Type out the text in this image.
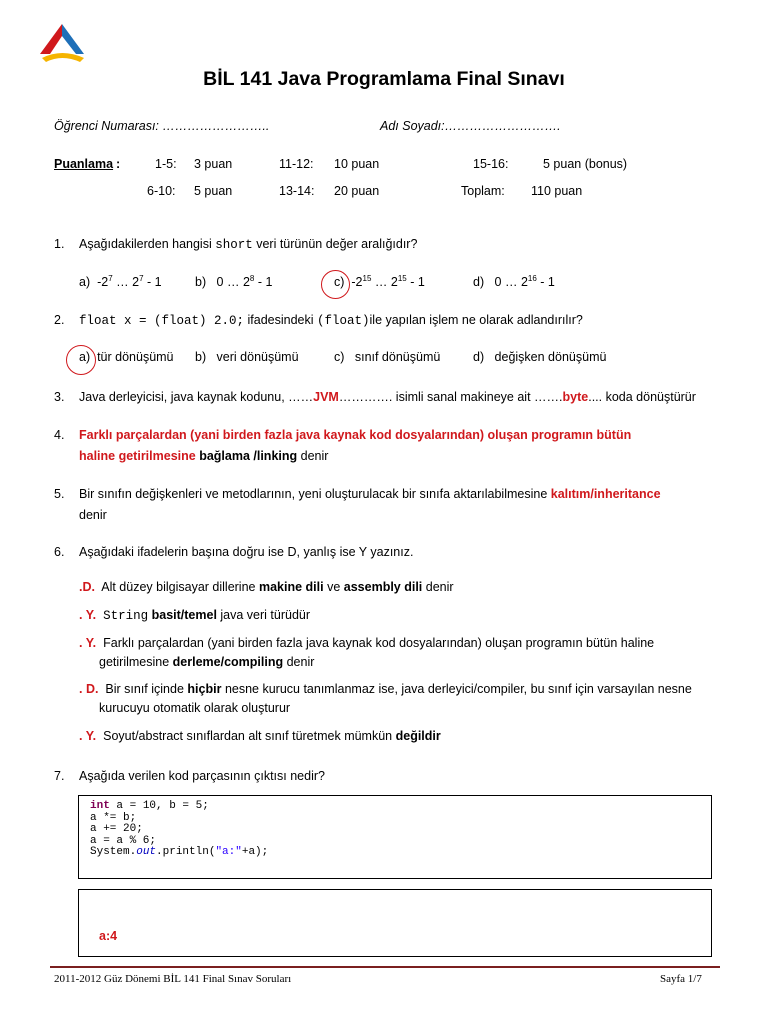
BİL 141 Java Programlama Final Sınavı
Öğrenci Numarası: ……………………..	Adı Soyadı:……………………….
Puanlama :	1-5: 3 puan	11-12: 10 puan	15-16:	5 puan (bonus)
6-10: 5 puan	13-14: 20 puan	Toplam: 110 puan
1. Aşağıdakilerden hangisi short veri türünün değer aralığıdır?
a) $-2^7$ … $2^7 - 1$	b) 0 … $2^8 - 1$	c) $-2^{15}$ … $2^{15} - 1$	d) 0 … $2^{16} - 1$
2. float x = (float) 2.0; ifadesindeki (float)ile yapılan işlem ne olarak adlandırılır?
a) tür dönüşümü b) veri dönüşümü	c) sınıf dönüşümü	d) değişken dönüşümü
3. Java derleyicisi, java kaynak kodunu, ……JVM…………. isimli sanal makineye ait …….byte.... koda dönüştürür
4. Farklı parçalardan (yani birden fazla java kaynak kod dosyalarından) oluşan programın bütün
haline getirilmesine bağlama /linking denir
5. Bir sınıfın değişkenleri ve metodlarının, yeni oluşturulacak bir sınıfa aktarılabilmesine kalıtım/inheritance
denir
6. Aşağıdaki ifadelerin başına doğru ise D, yanlış ise Y yazınız.
.D. Alt düzey bilgisayar dillerine makine dili ve assembly dili denir
. Y. String basit/temel java veri türüdür
. Y. Farklı parçalardan (yani birden fazla java kaynak kod dosyalarından) oluşan programın bütün haline
getirilmesine derleme/compiling denir
. D. Bir sınıf içinde hiçbir nesne kurucu tanımlanmaz ise, java derleyici/compiler, bu sınıf için varsayılan nesne
kurucuyu otomatik olarak oluşturur
. Y. Soyut/abstract sınıflardan alt sınıf türetmek mümkün değildir
7. Aşağıda verilen kod parçasının çıktısı nedir?
int a = 10, b = 5;
a *= b;
a += 20;
a = a % 6;
System.out.println("a:"+a);
a:4
2011-2012 Güz Dönemi BİL 141 Final Sınav Soruları	Sayfa 1/7
